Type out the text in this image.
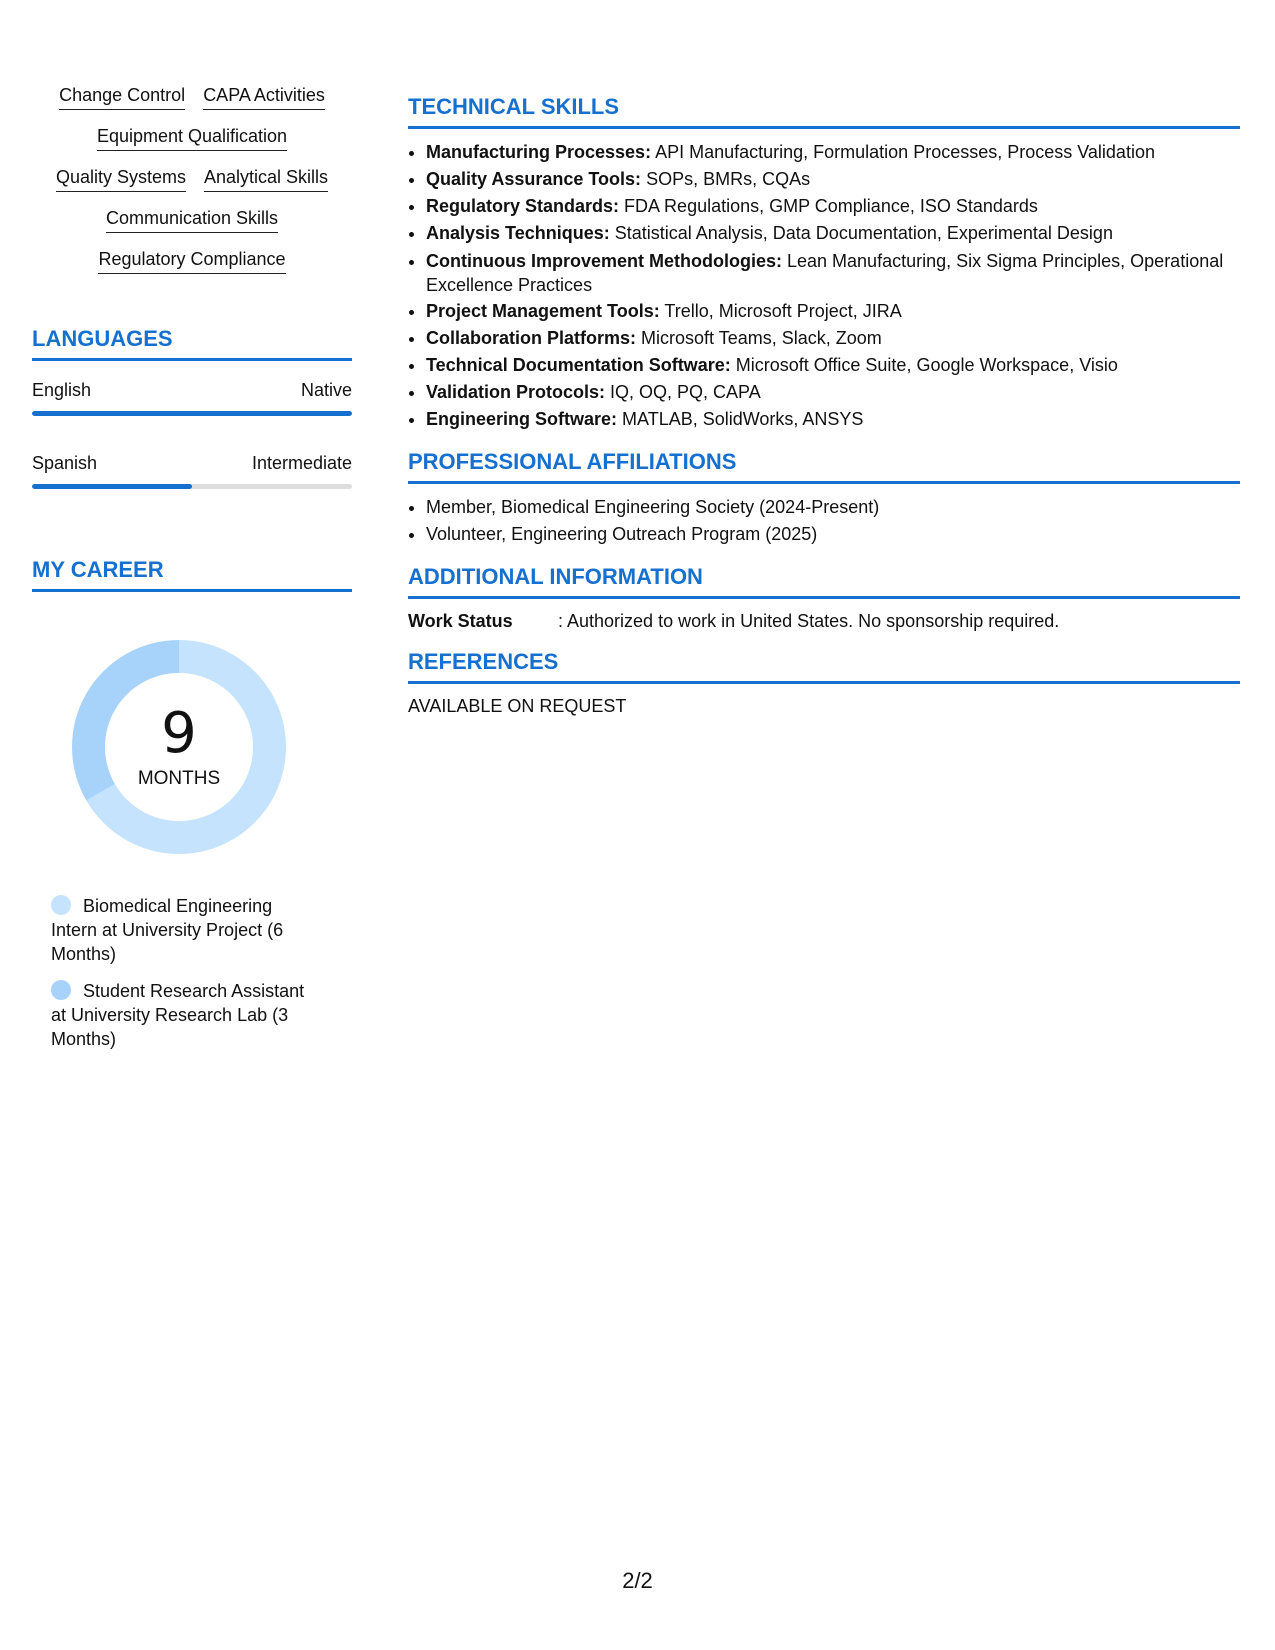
Change Control CAPA Activities
Equipment Qualification
Quality Systems Analytical Skills
Communication Skills
Regulatory Compliance
LANGUAGES
English	Native
Spanish	Intermediate
MY CAREER
9
MONTHS
Biomedical Engineering Intern at University Project (6 Months)
Student Research Assistant at University Research Lab (3 Months)
TECHNICAL SKILLS
• Manufacturing Processes: API Manufacturing, Formulation Processes, Process Validation
• Quality Assurance Tools: SOPs, BMRs, CQAs
• Regulatory Standards: FDA Regulations, GMP Compliance, ISO Standards
• Analysis Techniques: Statistical Analysis, Data Documentation, Experimental Design
• Continuous Improvement Methodologies: Lean Manufacturing, Six Sigma Principles, Operational Excellence Practices
• Project Management Tools: Trello, Microsoft Project, JIRA
• Collaboration Platforms: Microsoft Teams, Slack, Zoom
• Technical Documentation Software: Microsoft Office Suite, Google Workspace, Visio
• Validation Protocols: IQ, OQ, PQ, CAPA
• Engineering Software: MATLAB, SolidWorks, ANSYS
PROFESSIONAL AFFILIATIONS
• Member, Biomedical Engineering Society (2024-Present)
• Volunteer, Engineering Outreach Program (2025)
ADDITIONAL INFORMATION
Work Status	: Authorized to work in United States. No sponsorship required.
REFERENCES
AVAILABLE ON REQUEST
2/2
